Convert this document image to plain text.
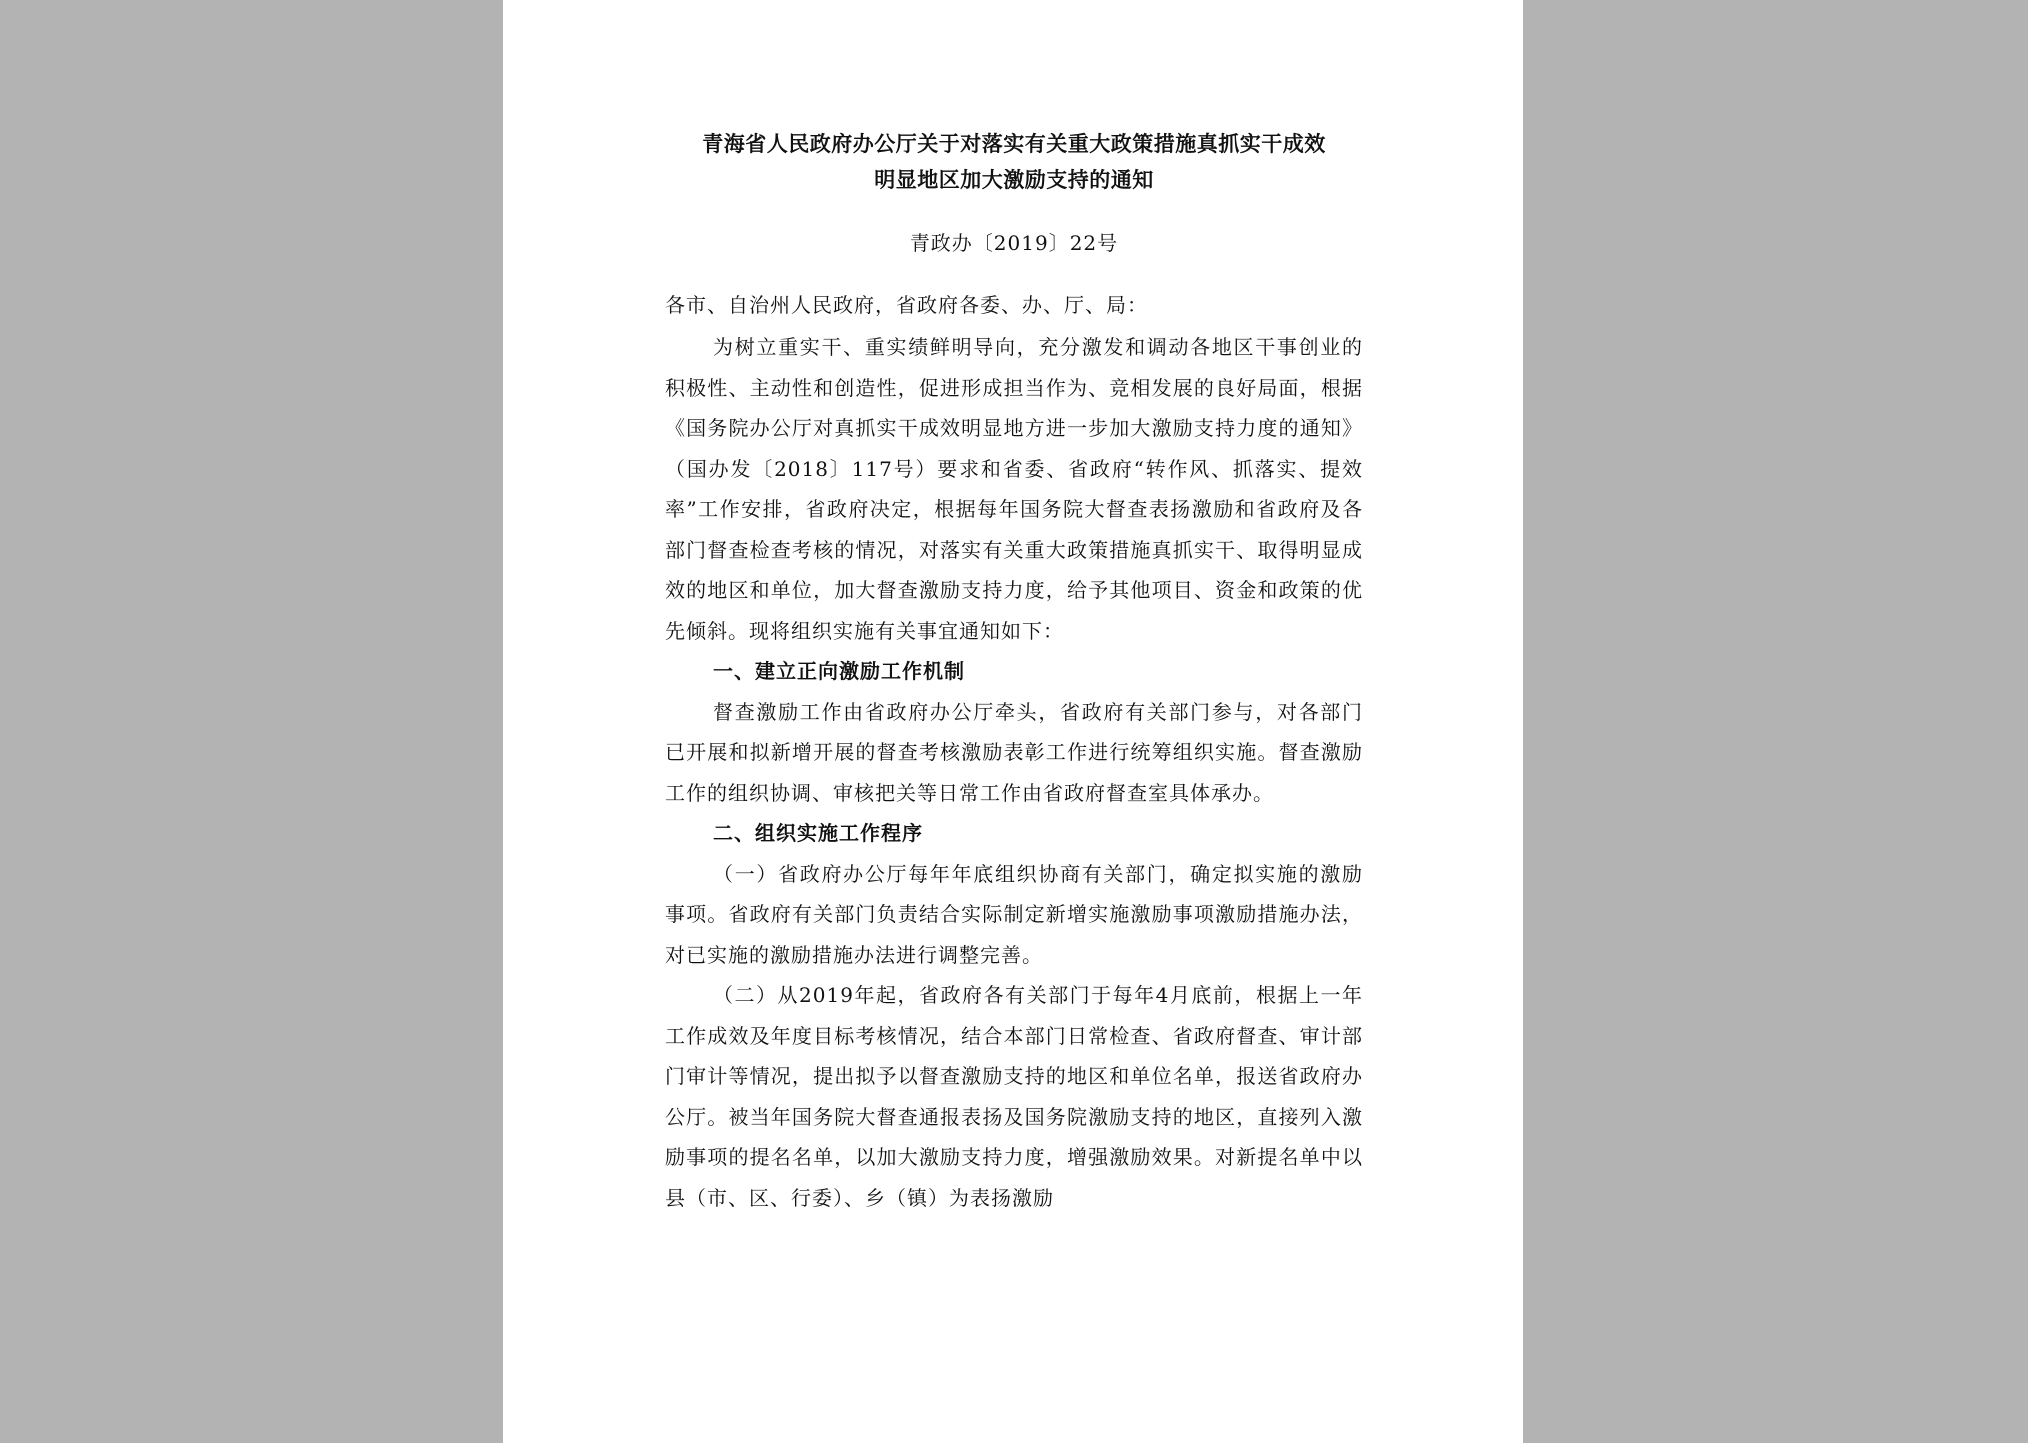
青海省人民政府办公厅关于对落实有关重大政策措施真抓实干成效
明显地区加大激励支持的通知
青政办〔2019〕22号
各市、自治州人民政府，省政府各委、办、厅、局：

为树立重实干、重实绩鲜明导向，充分激发和调动各地区干事创业的积极性、主动性和创造性，促进形成担当作为、竞相发展的良好局面，根据《国务院办公厅对真抓实干成效明显地方进一步加大激励支持力度的通知》（国办发〔2018〕117号）要求和省委、省政府“转作风、抓落实、提效率”工作安排，省政府决定，根据每年国务院大督查表扬激励和省政府及各部门督查检查考核的情况，对落实有关重大政策措施真抓实干、取得明显成效的地区和单位，加大督查激励支持力度，给予其他项目、资金和政策的优先倾斜。现将组织实施有关事宜通知如下：

一、建立正向激励工作机制

督查激励工作由省政府办公厅牵头，省政府有关部门参与，对各部门已开展和拟新增开展的督查考核激励表彰工作进行统筹组织实施。督查激励工作的组织协调、审核把关等日常工作由省政府督查室具体承办。

二、组织实施工作程序

（一）省政府办公厅每年年底组织协商有关部门，确定拟实施的激励事项。省政府有关部门负责结合实际制定新增实施激励事项激励措施办法，对已实施的激励措施办法进行调整完善。

（二）从2019年起，省政府各有关部门于每年4月底前，根据上一年工作成效及年度目标考核情况，结合本部门日常检查、省政府督查、审计部门审计等情况，提出拟予以督查激励支持的地区和单位名单，报送省政府办公厅。被当年国务院大督查通报表扬及国务院激励支持的地区，直接列入激励事项的提名名单，以加大激励支持力度，增强激励效果。对新提名单中以县（市、区、行委）、乡（镇）为表扬激励
